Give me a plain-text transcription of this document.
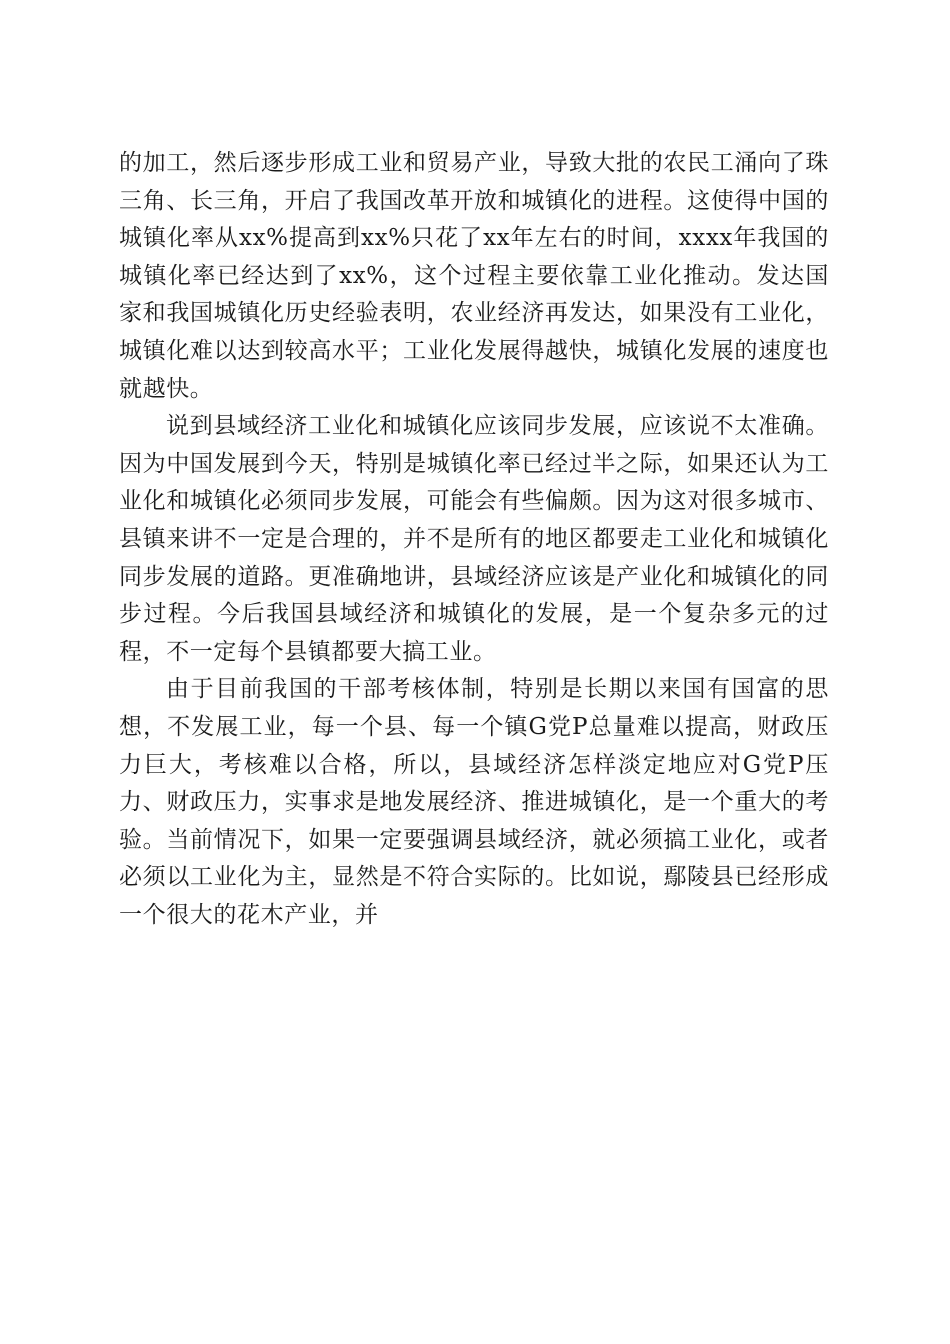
的加工，然后逐步形成工业和贸易产业，导致大批的农民工涌向了珠三角、长三角，开启了我国改革开放和城镇化的进程。这使得中国的城镇化率从xx%提高到xx%只花了xx年左右的时间，xxxx年我国的城镇化率已经达到了xx%，这个过程主要依靠工业化推动。发达国家和我国城镇化历史经验表明，农业经济再发达，如果没有工业化，城镇化难以达到较高水平；工业化发展得越快，城镇化发展的速度也就越快。

说到县域经济工业化和城镇化应该同步发展，应该说不太准确。因为中国发展到今天，特别是城镇化率已经过半之际，如果还认为工业化和城镇化必须同步发展，可能会有些偏颇。因为这对很多城市、县镇来讲不一定是合理的，并不是所有的地区都要走工业化和城镇化同步发展的道路。更准确地讲，县域经济应该是产业化和城镇化的同步过程。今后我国县域经济和城镇化的发展，是一个复杂多元的过程，不一定每个县镇都要大搞工业。

由于目前我国的干部考核体制，特别是长期以来国有国富的思想，不发展工业，每一个县、每一个镇G党P总量难以提高，财政压力巨大，考核难以合格，所以，县域经济怎样淡定地应对G党P压力、财政压力，实事求是地发展经济、推进城镇化，是一个重大的考验。当前情况下，如果一定要强调县域经济，就必须搞工业化，或者必须以工业化为主，显然是不符合实际的。比如说，鄢陵县已经形成一个很大的花木产业，并
